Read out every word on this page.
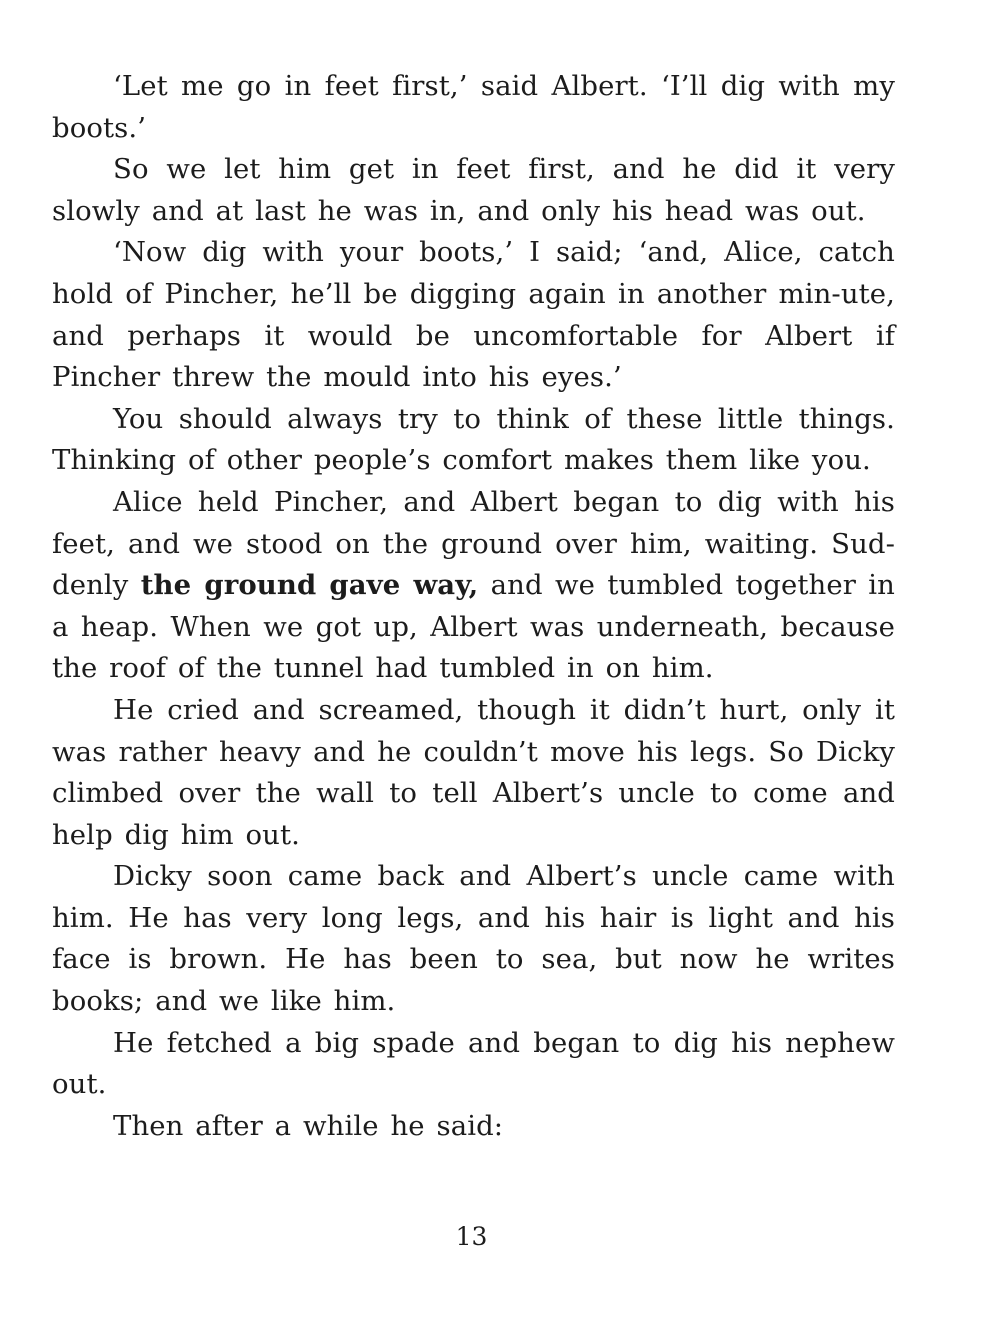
‘Let me go in feet first,’ said Albert. ‘I’ll dig with my boots.’

So we let him get in feet first, and he did it very slowly and at last he was in, and only his head was out.

‘Now dig with your boots,’ I said; ‘and, Alice, catch hold of Pincher, he’ll be digging again in another min-ute, and perhaps it would be uncomfortable for Albert if Pincher threw the mould into his eyes.’

You should always try to think of these little things. Thinking of other people’s comfort makes them like you.

Alice held Pincher, and Albert began to dig with his feet, and we stood on the ground over him, waiting. Sud-denly the ground gave way, and we tumbled together in a heap. When we got up, Albert was underneath, because the roof of the tunnel had tumbled in on him.

He cried and screamed, though it didn’t hurt, only it was rather heavy and he couldn’t move his legs. So Dicky climbed over the wall to tell Albert’s uncle to come and help dig him out.

Dicky soon came back and Albert’s uncle came with him. He has very long legs, and his hair is light and his face is brown. He has been to sea, but now he writes books; and we like him.

He fetched a big spade and began to dig his nephew out.

Then after a while he said:

13
